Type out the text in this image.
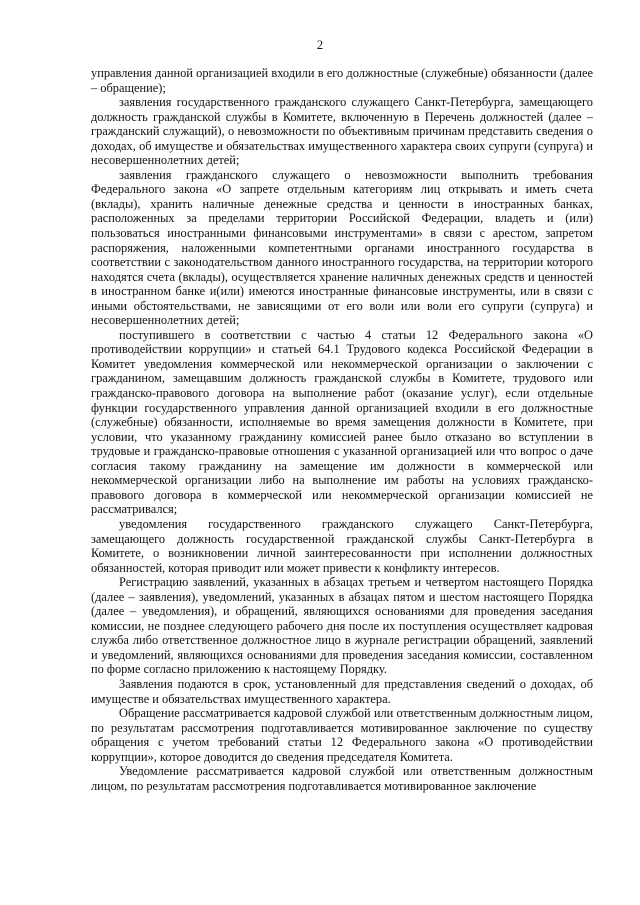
2

управления данной организацией входили в его должностные (служебные) обязанности (далее – обращение);

заявления государственного гражданского служащего Санкт-Петербурга, замещающего должность гражданской службы в Комитете, включенную в Перечень должностей (далее – гражданский служащий), о невозможности по объективным причинам представить сведения о доходах, об имуществе и обязательствах имущественного характера своих супруги (супруга) и несовершеннолетних детей;

заявления гражданского служащего о невозможности выполнить требования Федерального закона «О запрете отдельным категориям лиц открывать и иметь счета (вклады), хранить наличные денежные средства и ценности в иностранных банках, расположенных за пределами территории Российской Федерации, владеть и (или) пользоваться иностранными финансовыми инструментами» в связи с арестом, запретом распоряжения, наложенными компетентными органами иностранного государства в соответствии с законодательством данного иностранного государства, на территории которого находятся счета (вклады), осуществляется хранение наличных денежных средств и ценностей в иностранном банке и(или) имеются иностранные финансовые инструменты, или в связи с иными обстоятельствами, не зависящими от его воли или воли его супруги (супруга) и несовершеннолетних детей;

поступившего в соответствии с частью 4 статьи 12 Федерального закона «О противодействии коррупции» и статьей 64.1 Трудового кодекса Российской Федерации в Комитет уведомления коммерческой или некоммерческой организации о заключении с гражданином, замещавшим должность гражданской службы в Комитете, трудового или гражданско-правового договора на выполнение работ (оказание услуг), если отдельные функции государственного управления данной организацией входили в его должностные (служебные) обязанности, исполняемые во время замещения должности в Комитете, при условии, что указанному гражданину комиссией ранее было отказано во вступлении в трудовые и гражданско-правовые отношения с указанной организацией или что вопрос о даче согласия такому гражданину на замещение им должности в коммерческой или некоммерческой организации либо на выполнение им работы на условиях гражданско-правового договора в коммерческой или некоммерческой организации комиссией не рассматривался;

уведомления государственного гражданского служащего Санкт-Петербурга, замещающего должность государственной гражданской службы Санкт-Петербурга в Комитете, о возникновении личной заинтересованности при исполнении должностных обязанностей, которая приводит или может привести к конфликту интересов.

Регистрацию заявлений, указанных в абзацах третьем и четвертом настоящего Порядка (далее – заявления), уведомлений, указанных в абзацах пятом и шестом настоящего Порядка (далее – уведомления), и обращений, являющихся основаниями для проведения заседания комиссии, не позднее следующего рабочего дня после их поступления осуществляет кадровая служба либо ответственное должностное лицо в журнале регистрации обращений, заявлений и уведомлений, являющихся основаниями для проведения заседания комиссии, составленном по форме согласно приложению к настоящему Порядку.

Заявления подаются в срок, установленный для представления сведений о доходах, об имуществе и обязательствах имущественного характера.

Обращение рассматривается кадровой службой или ответственным должностным лицом, по результатам рассмотрения подготавливается мотивированное заключение по существу обращения с учетом требований статьи 12 Федерального закона «О противодействии коррупции», которое доводится до сведения председателя Комитета.

Уведомление рассматривается кадровой службой или ответственным должностным лицом, по результатам рассмотрения подготавливается мотивированное заключение
